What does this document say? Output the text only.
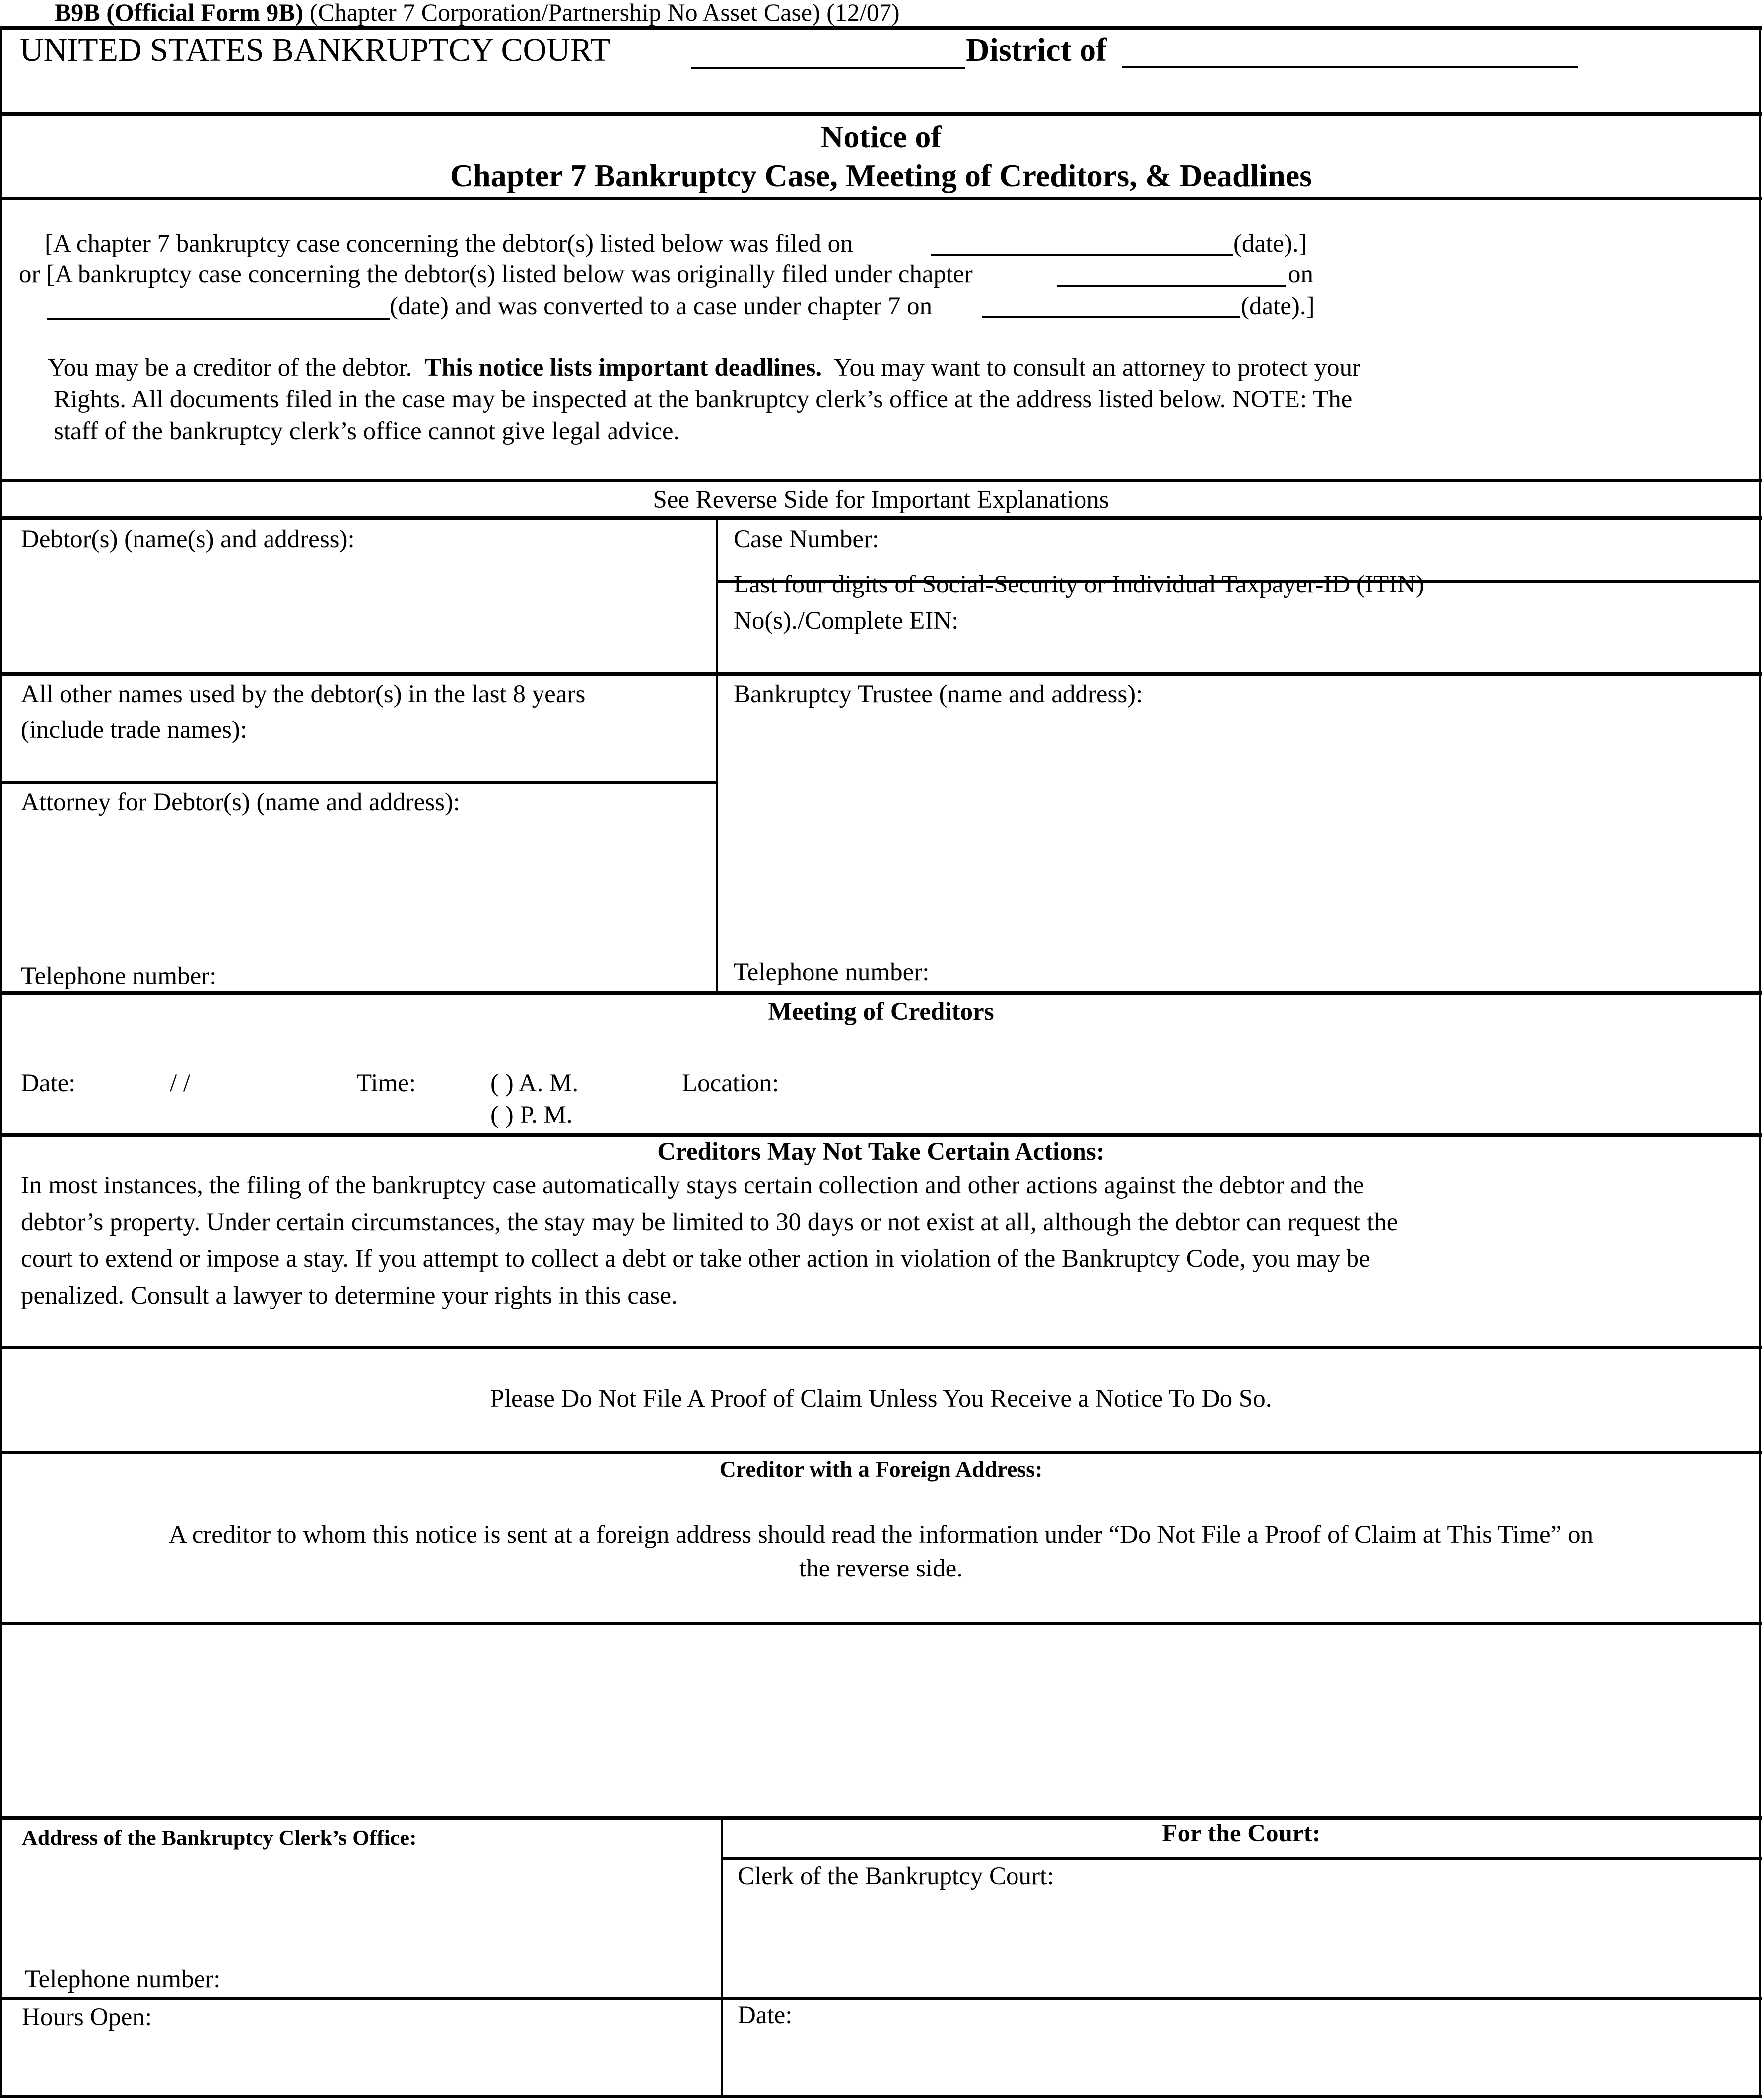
B9B (Official Form 9B) (Chapter 7 Corporation/Partnership No Asset Case) (12/07)
UNITED STATES BANKRUPTCY COURT	District of
Notice of
Chapter 7 Bankruptcy Case, Meeting of Creditors, & Deadlines
[A chapter 7 bankruptcy case concerning the debtor(s) listed below was filed on	(date).]
or [A bankruptcy case concerning the debtor(s) listed below was originally filed under chapter	on
(date) and was converted to a case under chapter 7 on	(date).]
You may be a creditor of the debtor. This notice lists important deadlines. You may want to consult an attorney to protect your
Rights. All documents filed in the case may be inspected at the bankruptcy clerk’s office at the address listed below. NOTE: The
staff of the bankruptcy clerk’s office cannot give legal advice.
See Reverse Side for Important Explanations
Debtor(s) (name(s) and address):	Case Number:
Last four digits of Social-Security or Individual Taxpayer-ID (ITIN)
No(s)./Complete EIN:
All other names used by the debtor(s) in the last 8 years
(include trade names):
Bankruptcy Trustee (name and address):
Attorney for Debtor(s) (name and address):
Telephone number:	Telephone number:
Meeting of Creditors
Date:	/ /	Time:	( ) A. M.
( ) P. M.
Location:
Creditors May Not Take Certain Actions:
In most instances, the filing of the bankruptcy case automatically stays certain collection and other actions against the debtor and the
debtor’s property. Under certain circumstances, the stay may be limited to 30 days or not exist at all, although the debtor can request the
court to extend or impose a stay. If you attempt to collect a debt or take other action in violation of the Bankruptcy Code, you may be
penalized. Consult a lawyer to determine your rights in this case.
Please Do Not File A Proof of Claim Unless You Receive a Notice To Do So.
Creditor with a Foreign Address:
A creditor to whom this notice is sent at a foreign address should read the information under “Do Not File a Proof of Claim at This Time” on
the reverse side.
Address of the Bankruptcy Clerk’s Office:
Telephone number:
For the Court:
Clerk of the Bankruptcy Court:
Hours Open:	Date:
